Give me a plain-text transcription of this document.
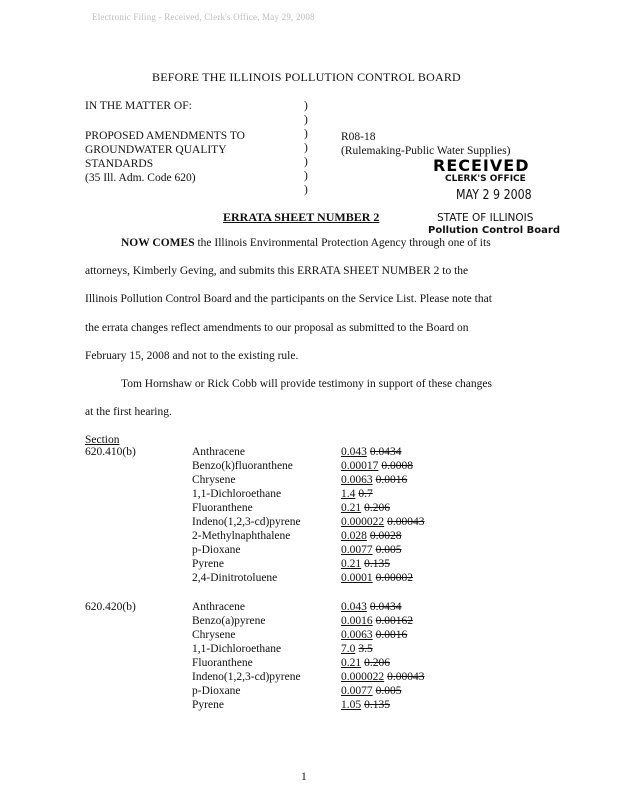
Electronic Filing - Received, Clerk's Office, May 29, 2008
BEFORE THE ILLINOIS POLLUTION CONTROL BOARD
IN THE MATTER OF:
PROPOSED AMENDMENTS TO
GROUNDWATER QUALITY
STANDARDS
(35 Ill. Adm. Code 620)
)
)
)
)
)
)
)
R08-18
(Rulemaking-Public Water Supplies)
RECEIVED
CLERK'S OFFICE
MAY 2 9 2008
STATE OF ILLINOIS
Pollution Control Board
ERRATA SHEET NUMBER 2
NOW COMES the Illinois Environmental Protection Agency through one of its
attorneys, Kimberly Geving, and submits this ERRATA SHEET NUMBER 2 to the
Illinois Pollution Control Board and the participants on the Service List. Please note that
the errata changes reflect amendments to our proposal as submitted to the Board on
February 15, 2008 and not to the existing rule.
Tom Hornshaw or Rick Cobb will provide testimony in support of these changes
at the first hearing.
Section
620.410(b)	Anthracene	0.043 0.0434
Benzo(k)fluoranthene	0.00017 0.0008
Chrysene	0.0063 0.0016
1,1-Dichloroethane	1.4 0.7
Fluoranthene	0.21 0.206
Indeno(1,2,3-cd)pyrene	0.000022 0.00043
2-Methylnaphthalene	0.028 0.0028
p-Dioxane	0.0077 0.005
Pyrene	0.21 0.135
2,4-Dinitrotoluene	0.0001 0.00002
620.420(b)	Anthracene	0.043 0.0434
Benzo(a)pyrene	0.0016 0.00162
Chrysene	0.0063 0.0016
1,1-Dichloroethane	7.0 3.5
Fluoranthene	0.21 0.206
Indeno(1,2,3-cd)pyrene	0.000022 0.00043
p-Dioxane	0.0077 0.005
Pyrene	1.05 0.135
1
